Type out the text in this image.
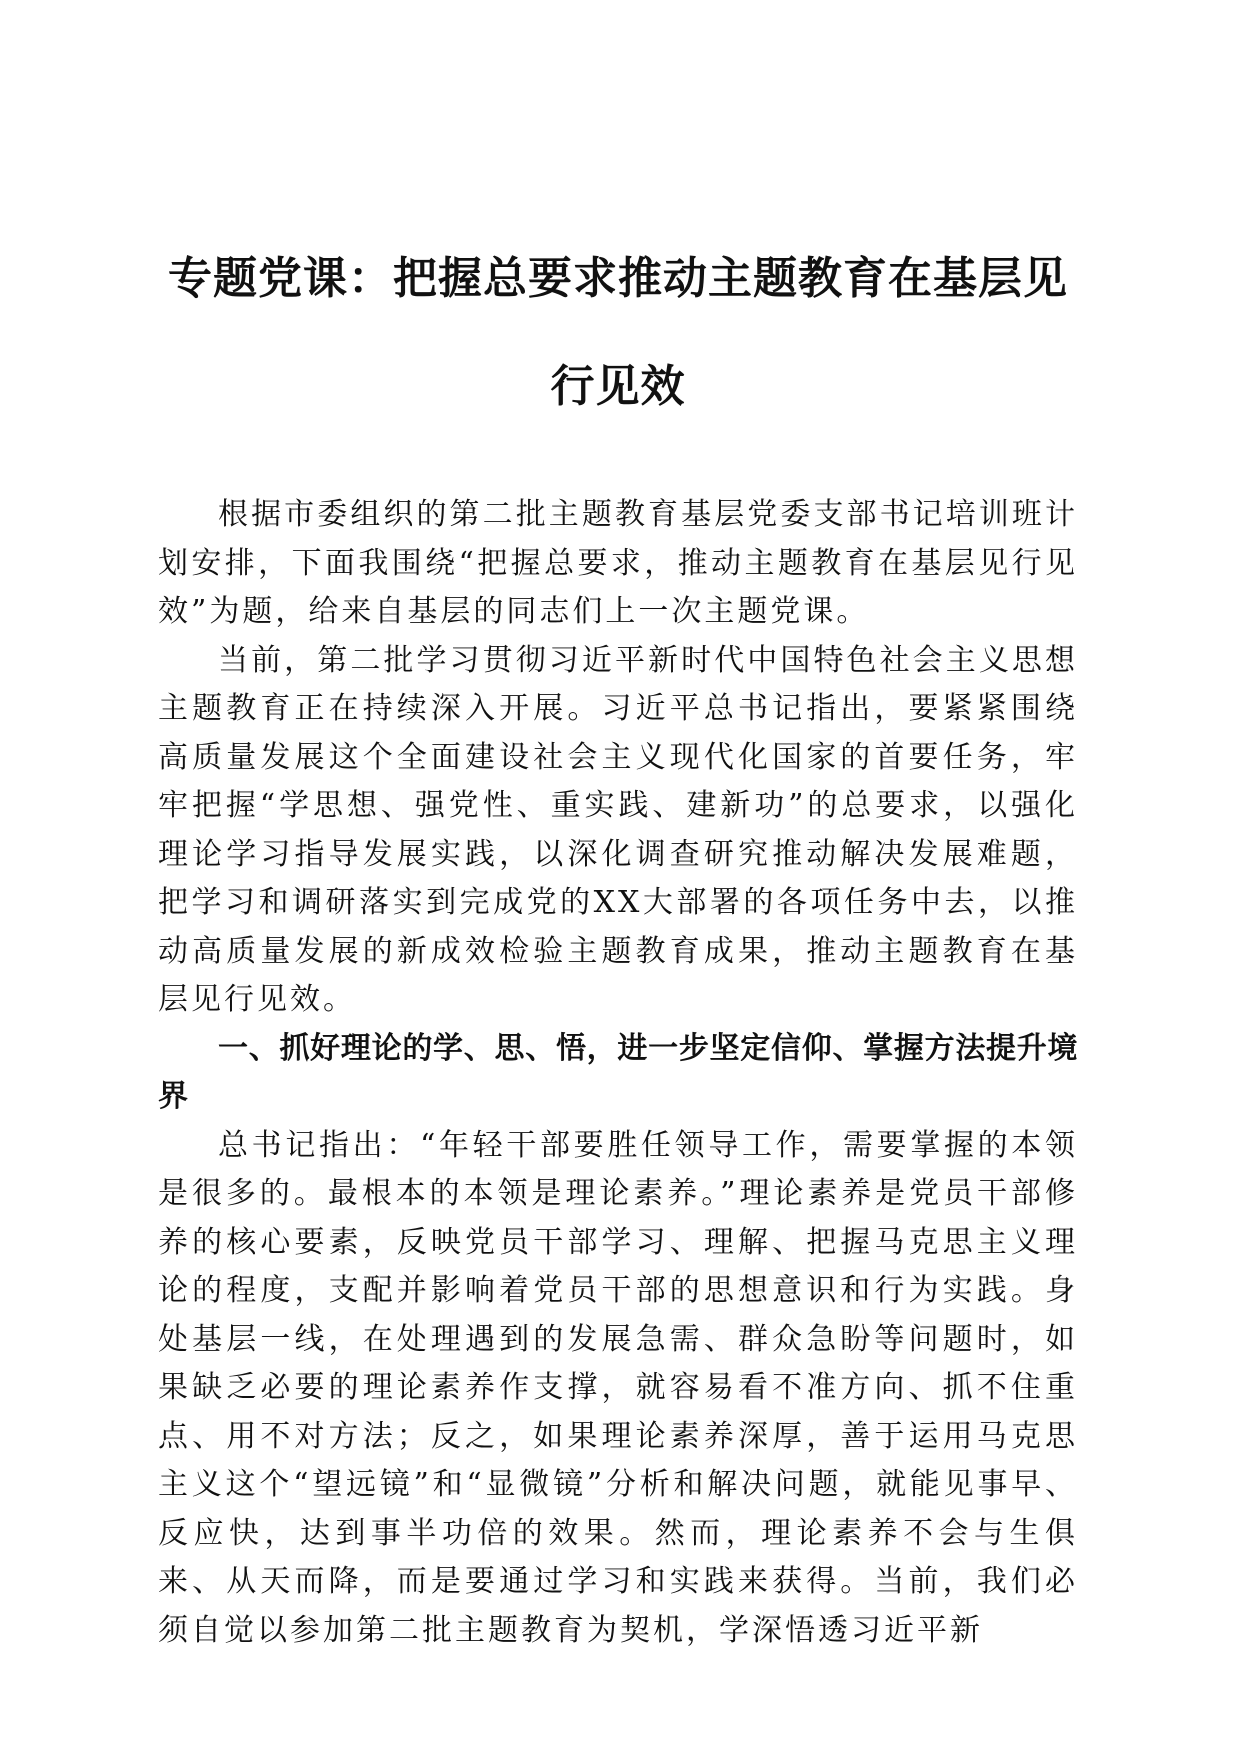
专题党课：把握总要求推动主题教育在基层见行见效

根据市委组织的第二批主题教育基层党委支部书记培训班计划安排，下面我围绕“把握总要求，推动主题教育在基层见行见效”为题，给来自基层的同志们上一次主题党课。

当前，第二批学习贯彻习近平新时代中国特色社会主义思想主题教育正在持续深入开展。习近平总书记指出，要紧紧围绕高质量发展这个全面建设社会主义现代化国家的首要任务，牢牢把握“学思想、强党性、重实践、建新功”的总要求，以强化理论学习指导发展实践，以深化调查研究推动解决发展难题，把学习和调研落实到完成党的XX大部署的各项任务中去，以推动高质量发展的新成效检验主题教育成果，推动主题教育在基层见行见效。

一、抓好理论的学、思、悟，进一步坚定信仰、掌握方法提升境界

总书记指出：“年轻干部要胜任领导工作，需要掌握的本领是很多的。最根本的本领是理论素养。”理论素养是党员干部修养的核心要素，反映党员干部学习、理解、把握马克思主义理论的程度，支配并影响着党员干部的思想意识和行为实践。身处基层一线，在处理遇到的发展急需、群众急盼等问题时，如果缺乏必要的理论素养作支撑，就容易看不准方向、抓不住重点、用不对方法；反之，如果理论素养深厚，善于运用马克思主义这个“望远镜”和“显微镜”分析和解决问题，就能见事早、反应快，达到事半功倍的效果。然而，理论素养不会与生俱来、从天而降，而是要通过学习和实践来获得。当前，我们必须自觉以参加第二批主题教育为契机，学深悟透习近平新
